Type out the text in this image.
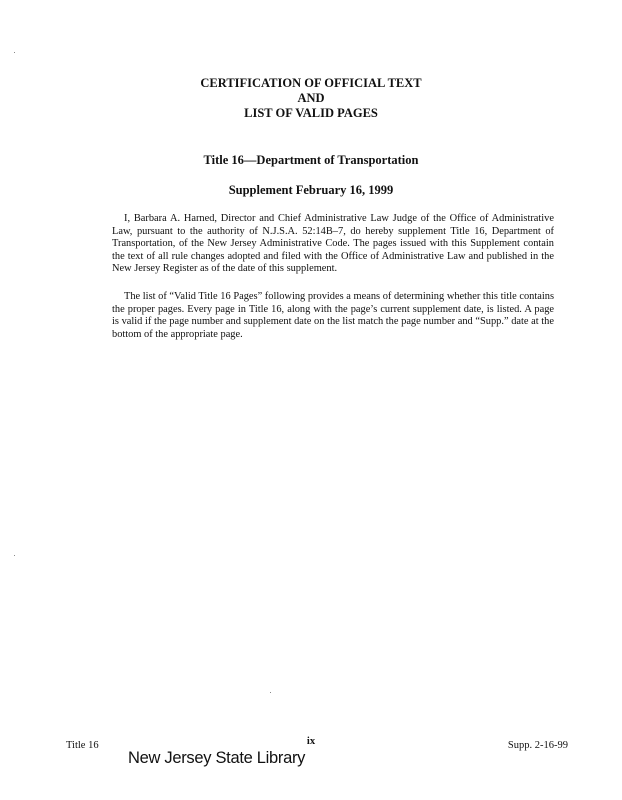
CERTIFICATION OF OFFICIAL TEXT
AND
LIST OF VALID PAGES
Title 16—Department of Transportation
Supplement February 16, 1999

I, Barbara A. Harned, Director and Chief Administrative Law Judge of the Office of Administrative Law, pursuant to the authority of N.J.S.A. 52:14B–7, do hereby supplement Title 16, Department of Transportation, of the New Jersey Administrative Code. The pages issued with this Supplement contain the text of all rule changes adopted and filed with the Office of Administrative Law and published in the New Jersey Register as of the date of this supplement.

The list of “Valid Title 16 Pages” following provides a means of determining whether this title contains the proper pages. Every page in Title 16, along with the page’s current supplement date, is listed. A page is valid if the page number and supplement date on the list match the page number and “Supp.” date at the bottom of the appropriate page.

Title 16	ix	Supp. 2-16-99
New Jersey State Library
